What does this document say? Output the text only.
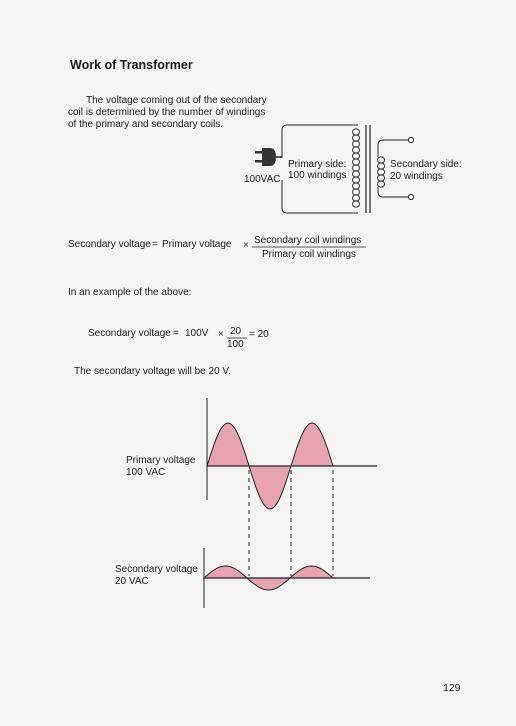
Work of Transformer
The voltage coming out of the secondary
coil is determined by the number of windings
of the primary and secondary coils.
100VAC
Primary side:
100 windings
Secondary side:
20 windings
Secondary voltage = Primary voltage × Secondary coil windings
Primary coil windings
In an example of the above:
Secondary voltage = 100V × 20
100
= 20
The secondary voltage will be 20 V.
Primary voltage
100 VAC
Secondary voltage
20 VAC
129
